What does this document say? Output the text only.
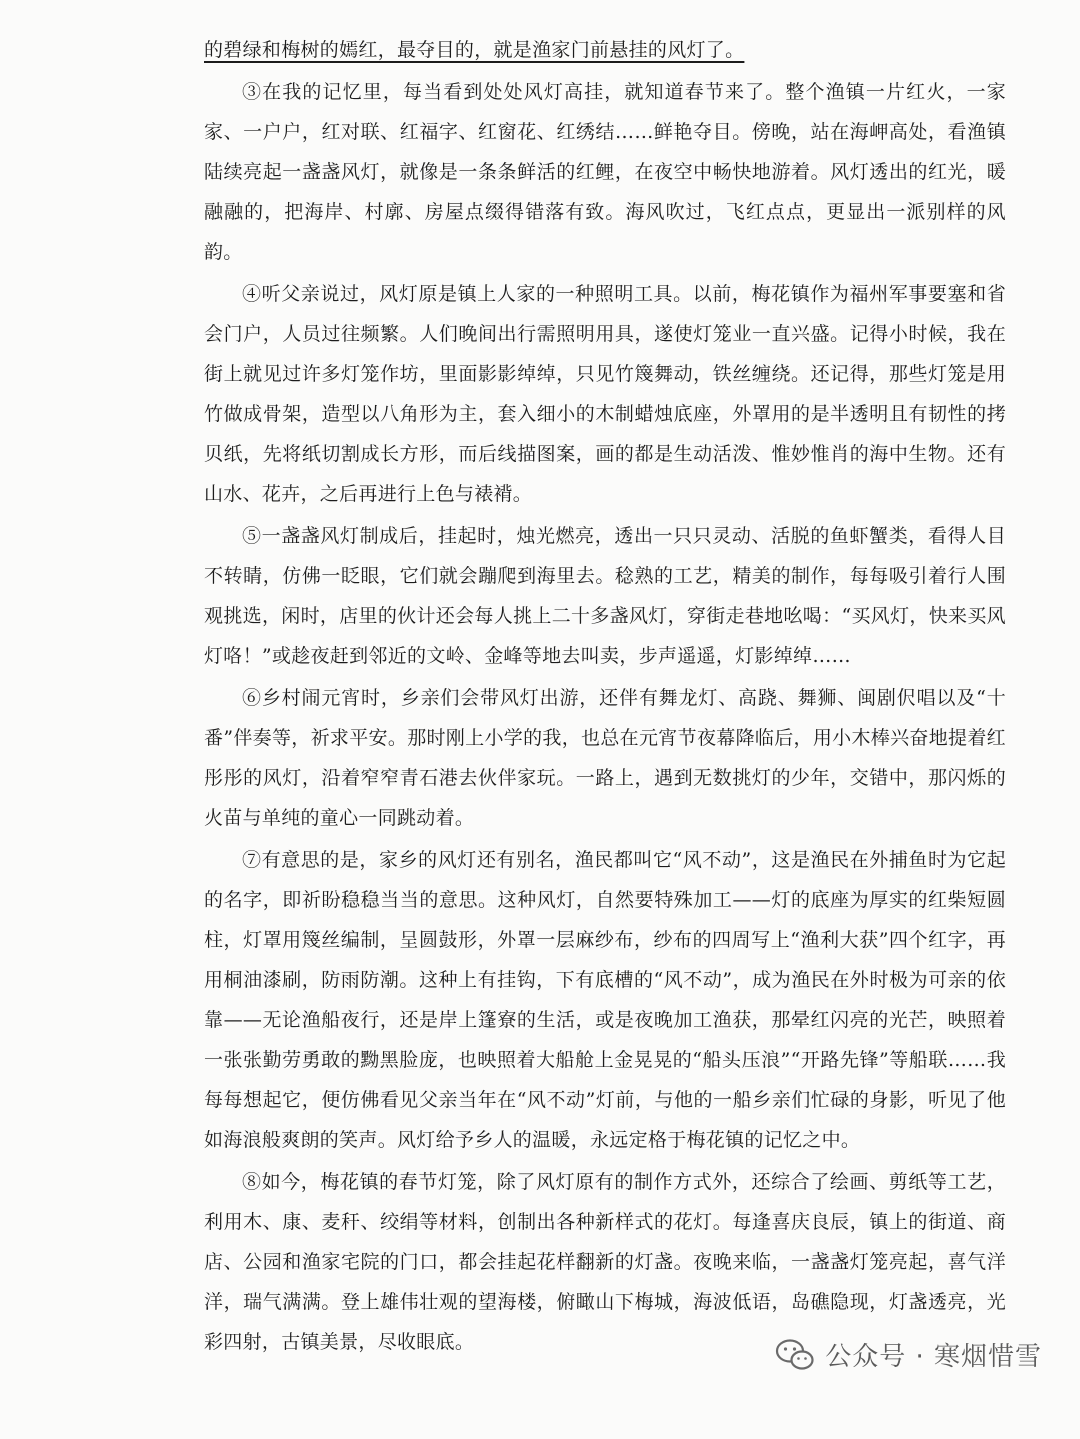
的碧绿和梅树的嫣红，最夺目的，就是渔家门前悬挂的风灯了。

③在我的记忆里，每当看到处处风灯高挂，就知道春节来了。整个渔镇一片红火，一家家、一户户，红对联、红福字、红窗花、红绣结……鲜艳夺目。傍晚，站在海岬高处，看渔镇陆续亮起一盏盏风灯，就像是一条条鲜活的红鲤，在夜空中畅快地游着。风灯透出的红光，暖融融的，把海岸、村廓、房屋点缀得错落有致。海风吹过，飞红点点，更显出一派别样的风韵。

④听父亲说过，风灯原是镇上人家的一种照明工具。以前，梅花镇作为福州军事要塞和省会门户，人员过往频繁。人们晚间出行需照明用具，遂使灯笼业一直兴盛。记得小时候，我在街上就见过许多灯笼作坊，里面影影绰绰，只见竹篾舞动，铁丝缠绕。还记得，那些灯笼是用竹做成骨架，造型以八角形为主，套入细小的木制蜡烛底座，外罩用的是半透明且有韧性的拷贝纸，先将纸切割成长方形，而后线描图案，画的都是生动活泼、惟妙惟肖的海中生物。还有山水、花卉，之后再进行上色与裱褙。

⑤一盏盏风灯制成后，挂起时，烛光燃亮，透出一只只灵动、活脱的鱼虾蟹类，看得人目不转睛，仿佛一眨眼，它们就会蹦爬到海里去。稔熟的工艺，精美的制作，每每吸引着行人围观挑选，闲时，店里的伙计还会每人挑上二十多盏风灯，穿街走巷地吆喝：“买风灯，快来买风灯咯！”或趁夜赶到邻近的文岭、金峰等地去叫卖，步声遥遥，灯影绰绰……

⑥乡村闹元宵时，乡亲们会带风灯出游，还伴有舞龙灯、高跷、舞狮、闽剧伬唱以及“十番”伴奏等，祈求平安。那时刚上小学的我，也总在元宵节夜幕降临后，用小木棒兴奋地提着红彤彤的风灯，沿着窄窄青石港去伙伴家玩。一路上，遇到无数挑灯的少年，交错中，那闪烁的火苗与单纯的童心一同跳动着。

⑦有意思的是，家乡的风灯还有别名，渔民都叫它“风不动”，这是渔民在外捕鱼时为它起的名字，即祈盼稳稳当当的意思。这种风灯，自然要特殊加工——灯的底座为厚实的红柴短圆柱，灯罩用篾丝编制，呈圆鼓形，外罩一层麻纱布，纱布的四周写上“渔利大获”四个红字，再用桐油漆刷，防雨防潮。这种上有挂钩，下有底槽的“风不动”，成为渔民在外时极为可亲的依靠——无论渔船夜行，还是岸上篷寮的生活，或是夜晚加工渔获，那晕红闪亮的光芒，映照着一张张勤劳勇敢的黝黑脸庞，也映照着大船舱上金晃晃的“船头压浪”“开路先锋”等船联……我每每想起它，便仿佛看见父亲当年在“风不动”灯前，与他的一船乡亲们忙碌的身影，听见了他如海浪般爽朗的笑声。风灯给予乡人的温暖，永远定格于梅花镇的记忆之中。

⑧如今，梅花镇的春节灯笼，除了风灯原有的制作方式外，还综合了绘画、剪纸等工艺，利用木、康、麦秆、绞绢等材料，创制出各种新样式的花灯。每逢喜庆良辰，镇上的街道、商店、公园和渔家宅院的门口，都会挂起花样翻新的灯盏。夜晚来临，一盏盏灯笼亮起，喜气洋洋，瑞气满满。登上雄伟壮观的望海楼，俯瞰山下梅城，海波低语，岛礁隐现，灯盏透亮，光彩四射，古镇美景，尽收眼底。	公众号 · 寒烟惜雪
